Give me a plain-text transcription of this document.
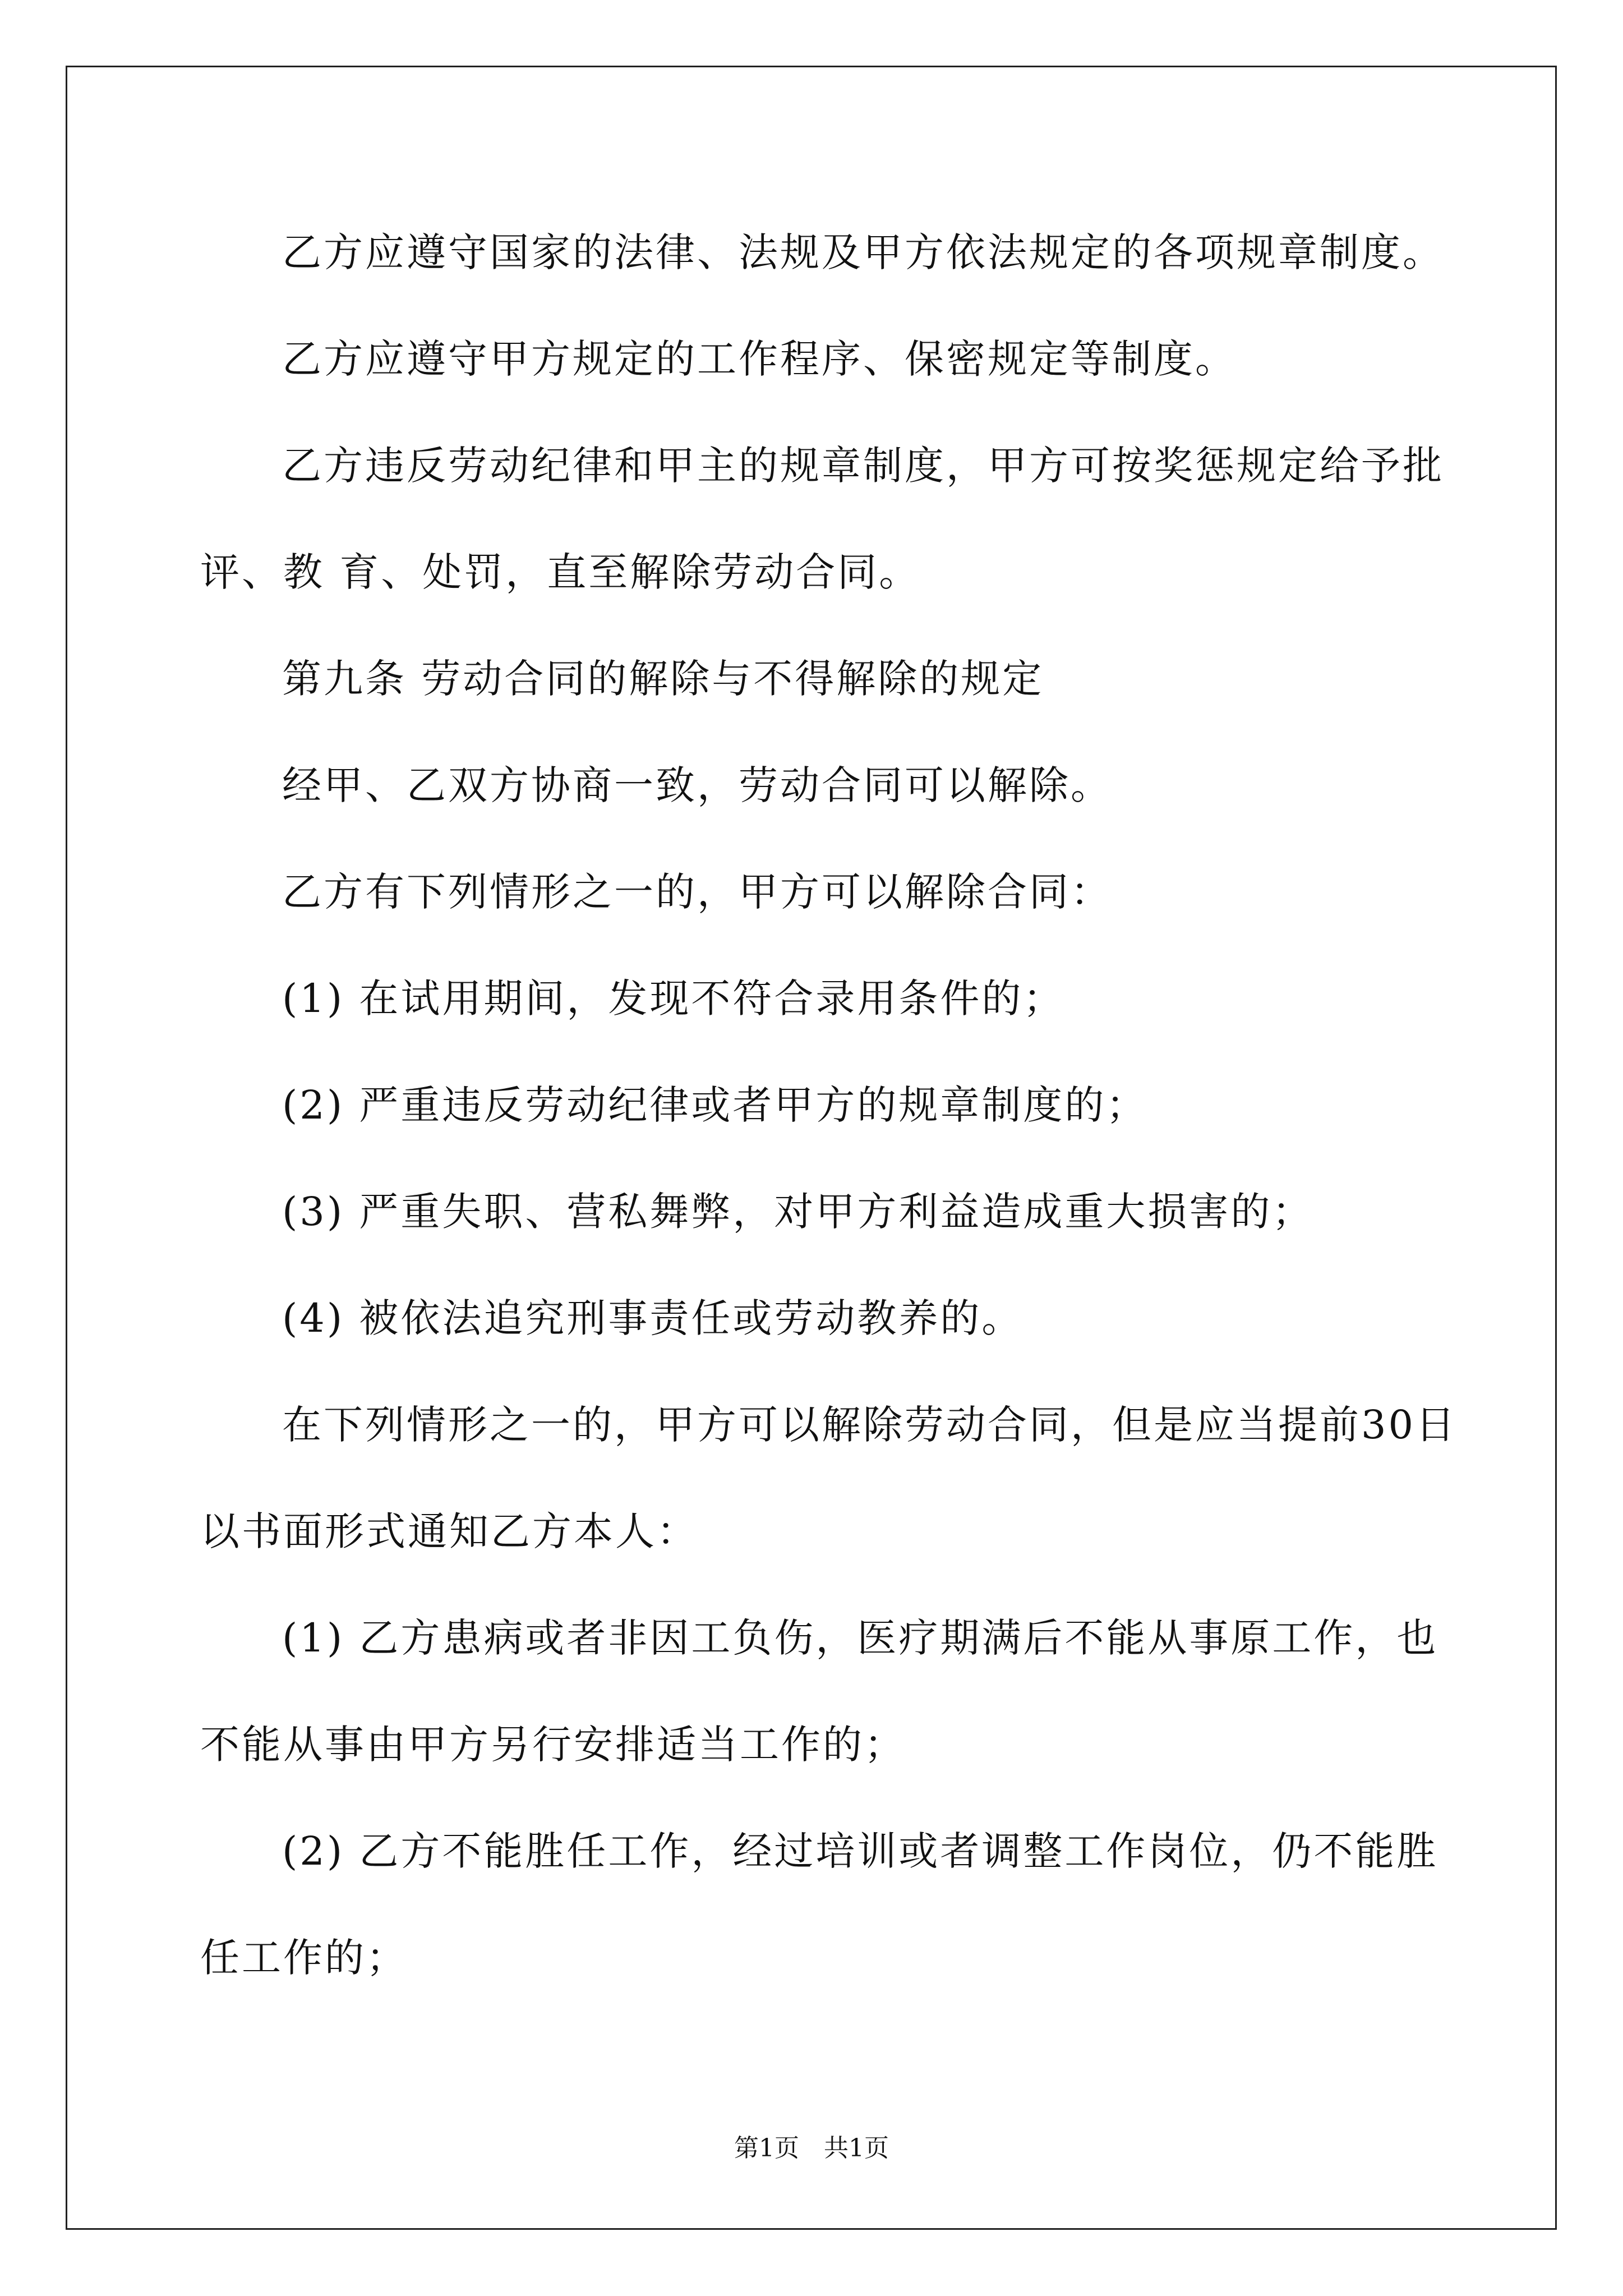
乙方应遵守国家的法律、法规及甲方依法规定的各项规章制度。
乙方应遵守甲方规定的工作程序、保密规定等制度。
乙方违反劳动纪律和甲主的规章制度，甲方可按奖惩规定给予批
评、教 育、处罚，直至解除劳动合同。
第九条 劳动合同的解除与不得解除的规定
经甲、乙双方协商一致，劳动合同可以解除。
乙方有下列情形之一的，甲方可以解除合同：
(1) 在试用期间，发现不符合录用条件的；
(2) 严重违反劳动纪律或者甲方的规章制度的；
(3) 严重失职、营私舞弊，对甲方利益造成重大损害的；
(4) 被依法追究刑事责任或劳动教养的。
在下列情形之一的，甲方可以解除劳动合同，但是应当提前30日
以书面形式通知乙方本人：
(1) 乙方患病或者非因工负伤，医疗期满后不能从事原工作，也
不能从事由甲方另行安排适当工作的；
(2) 乙方不能胜任工作，经过培训或者调整工作岗位，仍不能胜
任工作的；
第1页　共1页
